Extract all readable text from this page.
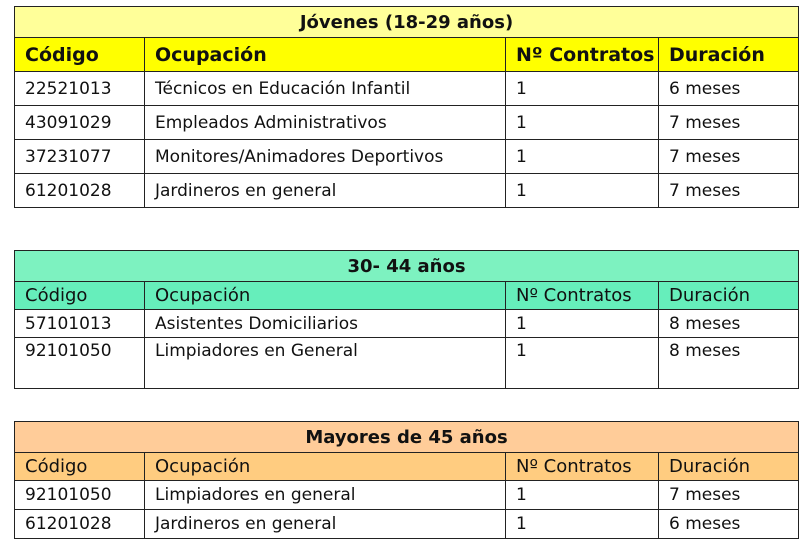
Jóvenes (18-29 años)			
Código	Ocupación	Nº Contratos	Duración
22521013	Técnicos en Educación Infantil	1	6 meses
43091029	Empleados Administrativos	1	7 meses
37231077	Monitores/Animadores Deportivos	1	7 meses
61201028	Jardineros en general	1	7 meses
30- 44 años			
Código	Ocupación	Nº Contratos	Duración
57101013	Asistentes Domiciliarios	1	8 meses
92101050	Limpiadores en General	1	8 meses
Mayores de 45 años			
Código	Ocupación	Nº Contratos	Duración
92101050	Limpiadores en general	1	7 meses
61201028	Jardineros en general	1	6 meses
